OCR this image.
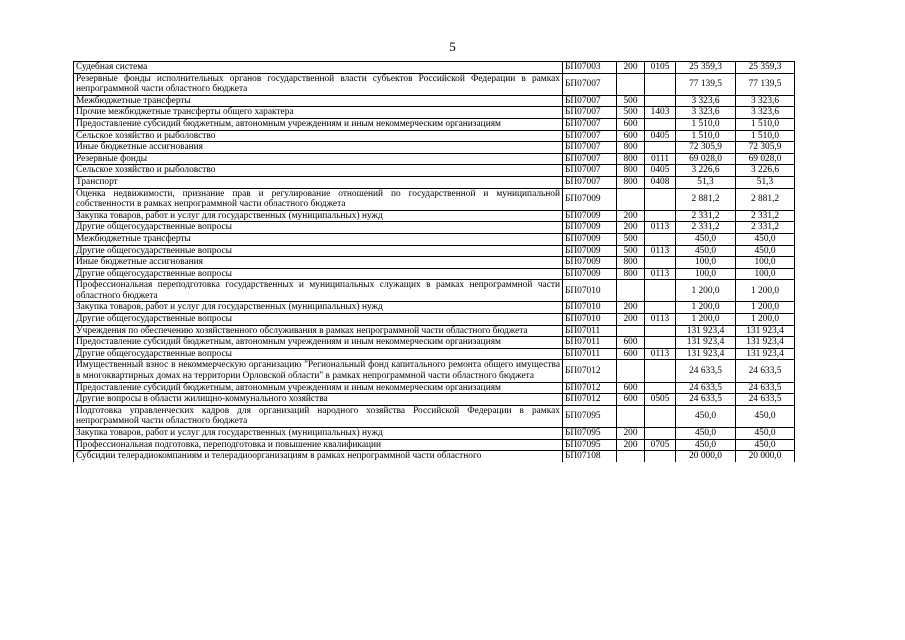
5
Судебная система	БП07003	200	0105	25 359,3	25 359,3
Резервные фонды исполнительных органов государственной власти субъектов Российской Федерации в рамках непрограммной части областного бюджета	БП07007			77 139,5	77 139,5
Межбюджетные трансферты	БП07007	500		3 323,6	3 323,6
Прочие межбюджетные трансферты общего характера	БП07007	500	1403	3 323,6	3 323,6
Предоставление субсидий бюджетным, автономным учреждениям и иным некоммерческим организациям	БП07007	600		1 510,0	1 510,0
Сельское хозяйство и рыболовство	БП07007	600	0405	1 510,0	1 510,0
Иные бюджетные ассигнования	БП07007	800		72 305,9	72 305,9
Резервные фонды	БП07007	800	0111	69 028,0	69 028,0
Сельское хозяйство и рыболовство	БП07007	800	0405	3 226,6	3 226,6
Транспорт	БП07007	800	0408	51,3	51,3
Оценка недвижимости, признание прав и регулирование отношений по государственной и муниципальной собственности в рамках непрограммной части областного бюджета	БП07009			2 881,2	2 881,2
Закупка товаров, работ и услуг для государственных (муниципальных) нужд	БП07009	200		2 331,2	2 331,2
Другие общегосударственные вопросы	БП07009	200	0113	2 331,2	2 331,2
Межбюджетные трансферты	БП07009	500		450,0	450,0
Другие общегосударственные вопросы	БП07009	500	0113	450,0	450,0
Иные бюджетные ассигнования	БП07009	800		100,0	100,0
Другие общегосударственные вопросы	БП07009	800	0113	100,0	100,0
Профессиональная переподготовка государственных и муниципальных служащих в рамках непрограммной части областного бюджета	БП07010			1 200,0	1 200,0
Закупка товаров, работ и услуг для государственных (муниципальных) нужд	БП07010	200		1 200,0	1 200,0
Другие общегосударственные вопросы	БП07010	200	0113	1 200,0	1 200,0
Учреждения по обеспечению хозяйственного обслуживания в рамках непрограммной части областного бюджета	БП07011			131 923,4	131 923,4
Предоставление субсидий бюджетным, автономным учреждениям и иным некоммерческим организациям	БП07011	600		131 923,4	131 923,4
Другие общегосударственные вопросы	БП07011	600	0113	131 923,4	131 923,4
Имущественный взнос в некоммерческую организацию "Региональный фонд капитального ремонта общего имущества в многоквартирных домах на территории Орловской области" в рамках непрограммной части областного бюджета	БП07012			24 633,5	24 633,5
Предоставление субсидий бюджетным, автономным учреждениям и иным некоммерческим организациям	БП07012	600		24 633,5	24 633,5
Другие вопросы в области жилищно-коммунального хозяйства	БП07012	600	0505	24 633,5	24 633,5
Подготовка управленческих кадров для организаций народного хозяйства Российской Федерации в рамках непрограммной части областного бюджета	БП07095			450,0	450,0
Закупка товаров, работ и услуг для государственных (муниципальных) нужд	БП07095	200		450,0	450,0
Профессиональная подготовка, переподготовка и повышение квалификации	БП07095	200	0705	450,0	450,0
Субсидии телерадиокомпаниям и телерадиоорганизациям в рамках непрограммной части областного	БП07108			20 000,0	20 000,0
